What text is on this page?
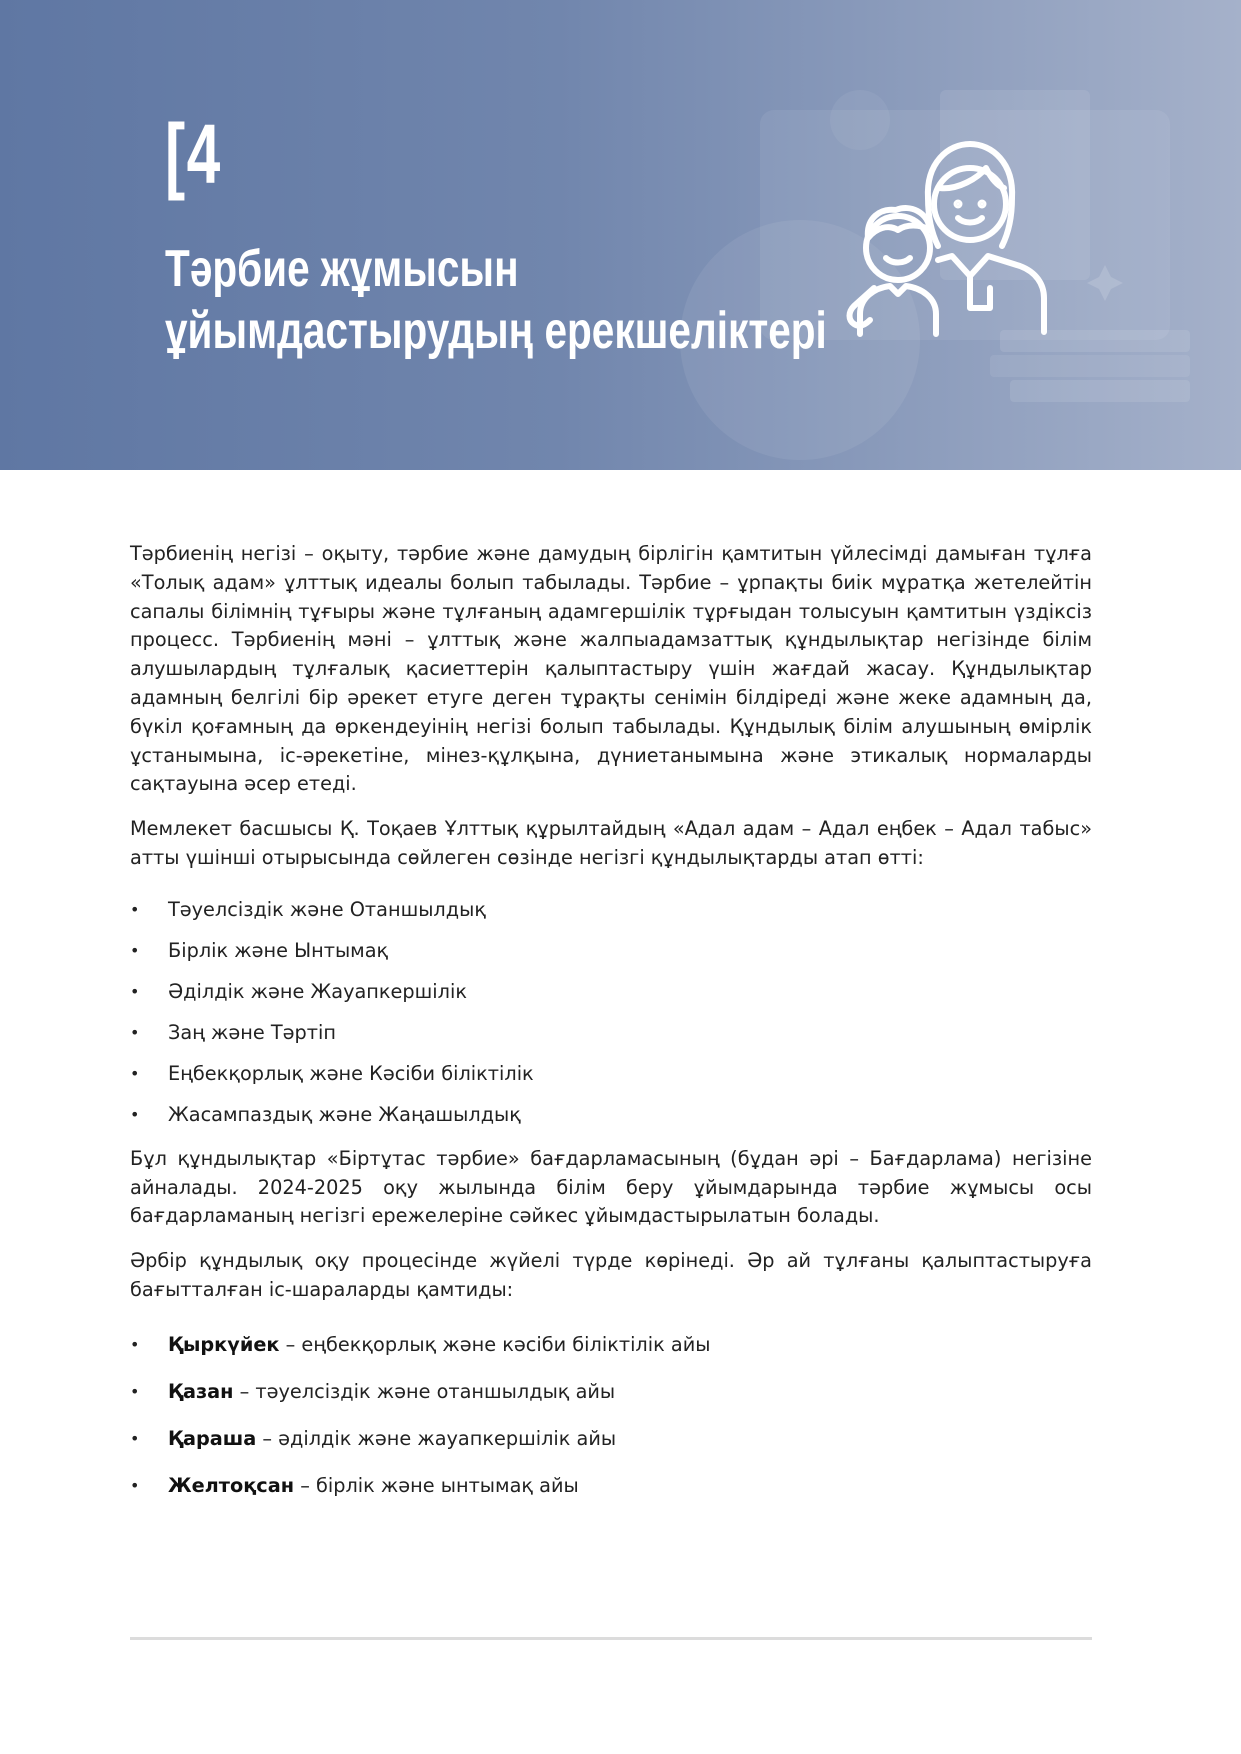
[4
Тәрбие жұмысын
ұйымдастырудың ерекшеліктері

Тәрбиенің негізі – оқыту, тәрбие және дамудың бірлігін қамтитын үйлесімді дамыған тұлға «Толық адам» ұлттық идеалы болып табылады. Тәрбие – ұрпақты биік мұратқа жетелейтін сапалы білімнің тұғыры және тұлғаның адамгершілік тұрғыдан толысуын қамтитын үздіксіз процесс. Тәрбиенің мәні – ұлттық және жалпыадамзаттық құндылықтар негізінде білім алушылардың тұлғалық қасиеттерін қалыптастыру үшін жағдай жасау. Құндылықтар адамның белгілі бір әрекет етуге деген тұрақты сенімін білдіреді және жеке адамның да, бүкіл қоғамның да өркендеуінің негізі болып табылады. Құндылық білім алушының өмірлік ұстанымына, іс-әрекетіне, мінез-құлқына, дүниетанымына және этикалық нормаларды сақтауына әсер етеді.

Мемлекет басшысы Қ. Тоқаев Ұлттық құрылтайдың «Адал адам – Адал еңбек – Адал табыс» атты үшінші отырысында сөйлеген сөзінде негізгі құндылықтарды атап өтті:

• Тәуелсіздік және Отаншылдық
• Бірлік және Ынтымақ
• Әділдік және Жауапкершілік
• Заң және Тәртіп
• Еңбекқорлық және Кәсіби біліктілік
• Жасампаздық және Жаңашылдық

Бұл құндылықтар «Біртұтас тәрбие» бағдарламасының (бұдан әрі – Бағдарлама) негізіне айналады. 2024-2025 оқу жылында білім беру ұйымдарында тәрбие жұмысы осы бағдарламаның негізгі ережелеріне сәйкес ұйымдастырылатын болады.

Әрбір құндылық оқу процесінде жүйелі түрде көрінеді. Әр ай тұлғаны қалыптастыруға бағытталған іс-шараларды қамтиды:

• Қыркүйек – еңбекқорлық және кәсіби біліктілік айы
• Қазан – тәуелсіздік және отаншылдық айы
• Қараша – әділдік және жауапкершілік айы
• Желтоқсан – бірлік және ынтымақ айы
